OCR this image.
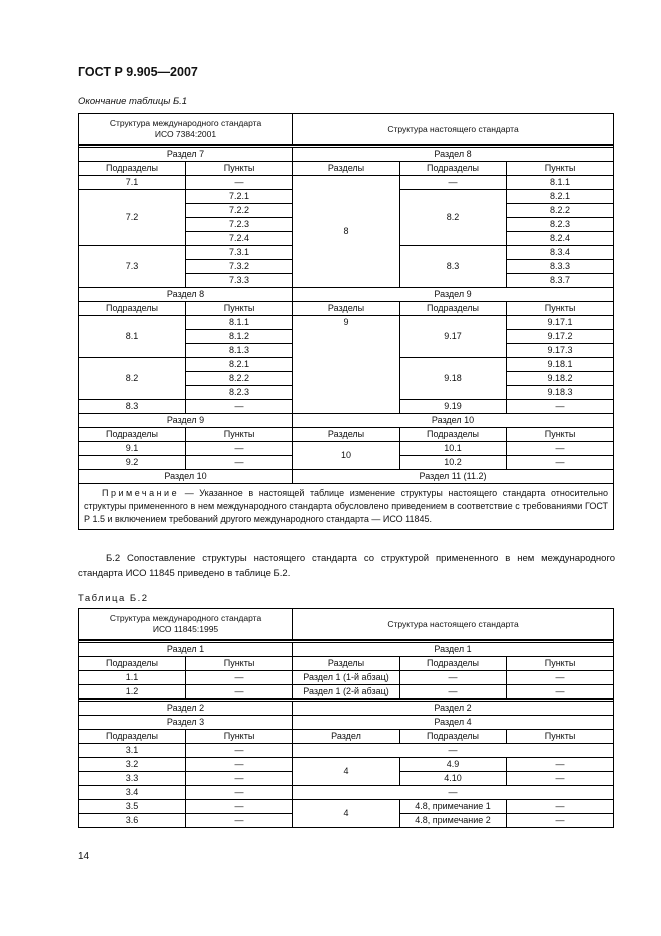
ГОСТ Р 9.905—2007
Окончание таблицы Б.1
Структура международного стандарта
ИСО 7384:2001		Структура настоящего стандарта		

Раздел 7		Раздел 8		
Подразделы	Пункты	Разделы	Подразделы	Пункты
7.1	—	8	—	8.1.1
7.2	7.2.1		8.2	8.2.1
	7.2.2			8.2.2
	7.2.3			8.2.3
	7.2.4			8.2.4
7.3	7.3.1		8.3	8.3.4
	7.3.2			8.3.3
	7.3.3			8.3.7
Раздел 8		Раздел 9		
Подразделы	Пункты	Разделы	Подразделы	Пункты
8.1	8.1.1	9	9.17	9.17.1
	8.1.2			9.17.2
	8.1.3			9.17.3
8.2	8.2.1		9.18	9.18.1
	8.2.2			9.18.2
	8.2.3			9.18.3
8.3	—		9.19	—
Раздел 9		Раздел 10		
Подразделы	Пункты	Разделы	Подразделы	Пункты
9.1	—	10	10.1	—
9.2	—		10.2	—
Раздел 10		Раздел 11 (11.2)		
Примечание — Указанное в настоящей таблице изменение структуры настоящего стандарта относительно структуры примененного в нем международного стандарта обусловлено приведением в соответствие с требованиями ГОСТ Р 1.5 и включением требований другого международного стандарта — ИСО 11845.				
Б.2 Сопоставление структуры настоящего стандарта со структурой примененного в нем международного стандарта ИСО 11845 приведено в таблице Б.2.
Таблица Б.2
Структура международного стандарта
ИСО 11845:1995		Структура настоящего стандарта		

Раздел 1		Раздел 1		
Подразделы	Пункты	Разделы	Подразделы	Пункты
1.1	—	Раздел 1 (1-й абзац)	—	—
1.2	—	Раздел 1 (2-й абзац)	—	—

Раздел 2		Раздел 2		
Раздел 3		Раздел 4		
Подразделы	Пункты	Раздел	Подразделы	Пункты
3.1	—	—		
3.2	—	4	4.9	—
3.3	—		4.10	—
3.4	—	—		
3.5	—	4	4.8, примечание 1	—
3.6	—		4.8, примечание 2	—
14
